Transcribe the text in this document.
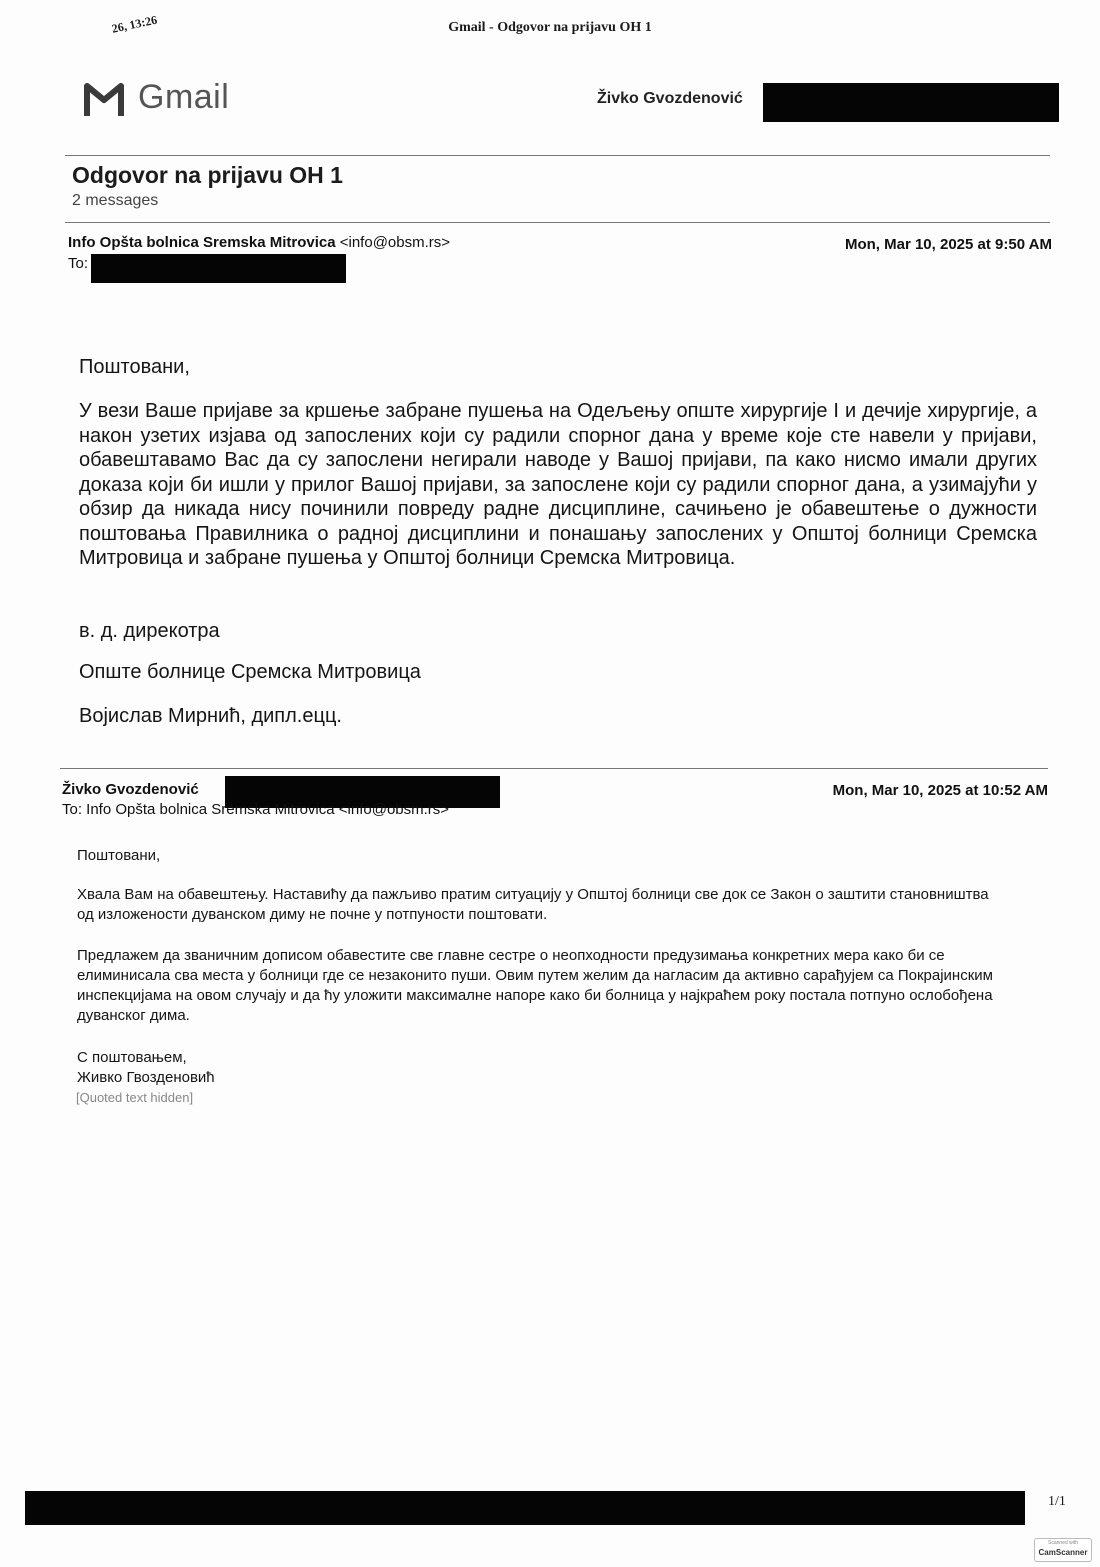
26, 13:26	Gmail - Odgovor na prijavu OH 1
Gmail	Živko Gvozdenović
Odgovor na prijavu OH 1
2 messages
Info Opšta bolnica Sremska Mitrovica <info@obsm.rs>	Mon, Mar 10, 2025 at 9:50 AM
To:
Поштовани,
У вези Ваше пријаве за кршење забране пушења на Одељењу опште хирургије I и дечије хирургије, а након узетих изјава од запослених који су радили спорног дана у време које сте навели у пријави, обавештавамо Вас да су запослени негирали наводе у Вашој пријави, па како нисмо имали других доказа који би ишли у прилог Вашој пријави, за запослене који су радили спорног дана, а узимајући у обзир да никада нису починили повреду радне дисциплине, сачињено је обавештење о дужности поштовања Правилника о радној дисциплини и понашању запослених у Општој болници Сремска Митровица и забране пушења у Општој болници Сремска Митровица.
в. д. дирекотра
Опште болнице Сремска Митровица
Војислав Мирнић, дипл.ецц.
Živko Gvozdenović	Mon, Mar 10, 2025 at 10:52 AM
To: Info Opšta bolnica Sremska Mitrovica <info@obsm.rs>
Поштовани,
Хвала Вам на обавештењу. Наставићу да пажљиво пратим ситуацију у Општој болници све док се Закон о заштити становништва од изложености дуванском диму не почне у потпуности поштовати.
Предлажем да званичним дописом обавестите све главне сестре о неопходности предузимања конкретних мера како би се елиминисала сва места у болници где се незаконито пуши. Овим путем желим да нагласим да активно сарађујем са Покрајинским инспекцијама на овом случају и да ћу уложити максималне напоре како би болница у најкраћем року постала потпуно ослобођена дуванског дима.
С поштовањем,
Живко Гвозденовић
[Quoted text hidden]
1/1
Scanned with
CamScanner
